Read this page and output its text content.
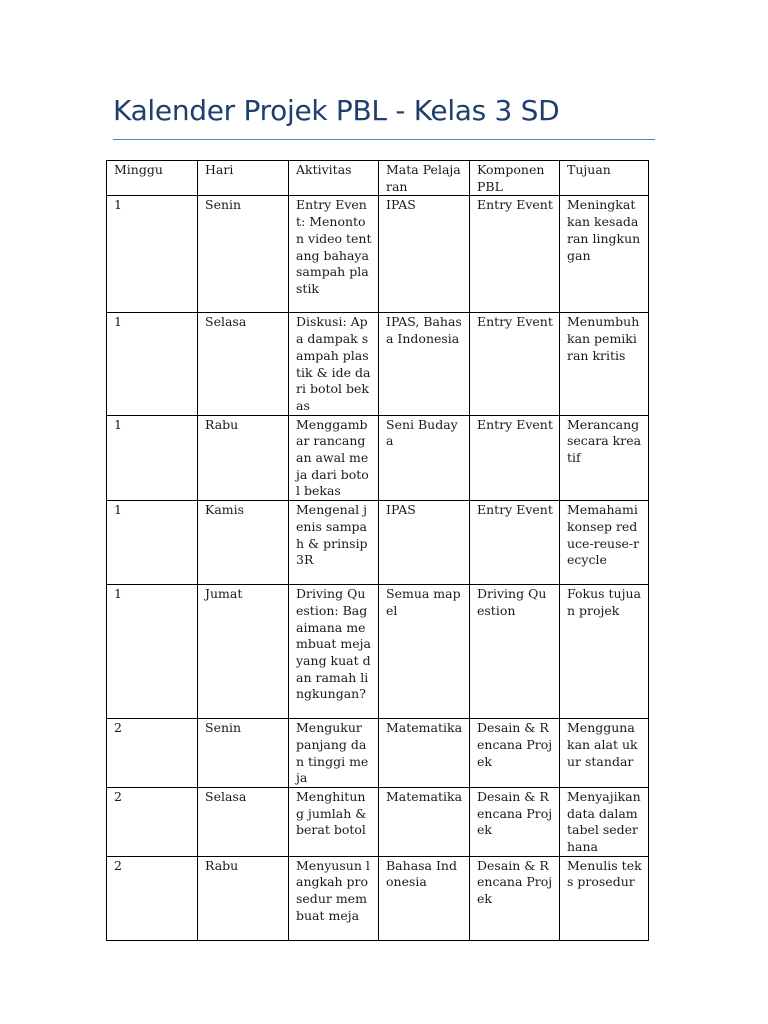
Kalender Projek PBL - Kelas 3 SD
Minggu	Hari	Aktivitas	Mata Pelajaran	Komponen PBL	Tujuan
1	Senin	Entry Event: Menonton video tentang bahaya sampah plastik	IPAS	Entry Event	Meningkatkan kesadaran lingkungan
1	Selasa	Diskusi: Apa dampak sampah plastik & ide dari botol bekas	IPAS, Bahasa Indonesia	Entry Event	Menumbuhkan pemikiran kritis
1	Rabu	Menggambar rancangan awal meja dari botol bekas	Seni Budaya	Entry Event	Merancang secara kreatif
1	Kamis	Mengenal jenis sampah & prinsip 3R	IPAS	Entry Event	Memahami konsep reduce-reuse-recycle
1	Jumat	Driving Question: Bagaimana membuat meja yang kuat dan ramah lingkungan?	Semua mapel	Driving Question	Fokus tujuan projek
2	Senin	Mengukur panjang dan tinggi meja	Matematika	Desain & Rencana Projek	Menggunakan alat ukur standar
2	Selasa	Menghitung jumlah & berat botol	Matematika	Desain & Rencana Projek	Menyajikan data dalam tabel sederhana
2	Rabu	Menyusun langkah prosedur membuat meja	Bahasa Indonesia	Desain & Rencana Projek	Menulis teks prosedur
